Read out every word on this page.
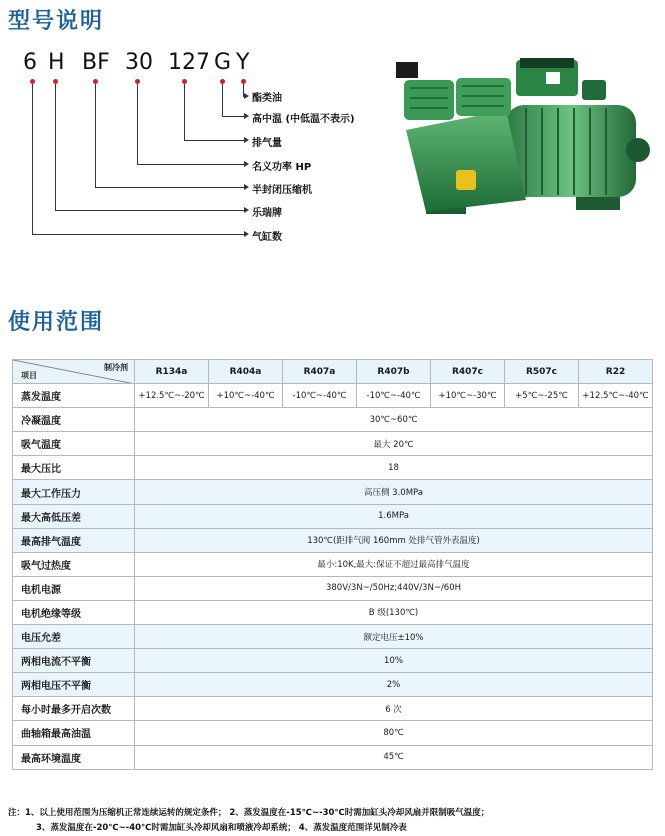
型号说明
6 H BF 30 127 G Y
酯类油
高中温 (中低温不表示)
排气量
名义功率 HP
半封闭压缩机
乐瑞牌
气缸数
使用范围
制冷剂
项目	R134a	R404a	R407a	R407b	R407c	R507c	R22
蒸发温度	+12.5℃~-20℃	+10℃~-40℃	-10℃~-40℃	-10℃~-40℃	+10℃~-30℃	+5℃~-25℃	+12.5℃~-40℃
冷凝温度	30℃~60℃						
吸气温度	最大 20℃						
最大压比	18						
最大工作压力	高压侧 3.0MPa						
最大高低压差	1.6MPa						
最高排气温度	130℃(距排气阀 160mm 处排气管外表温度)						
吸气过热度	最小:10K,最大:保证不超过最高排气温度						
电机电源	380V/3N~/50Hz;440V/3N~/60H						
电机绝缘等级	B 级(130℃)						
电压允差	额定电压±10%						
两相电流不平衡	10%						
两相电压不平衡	2%						
每小时最多开启次数	6 次						
曲轴箱最高油温	80℃						
最高环境温度	45℃						
注：1、以上使用范围为压缩机正常连续运转的规定条件； 2、蒸发温度在-15℃~-30℃时需加缸头冷却风扇并限制吸气温度；
3、蒸发温度在-20℃~-40℃时需加缸头冷却风扇和喷液冷却系统； 4、蒸发温度范围详见制冷表
